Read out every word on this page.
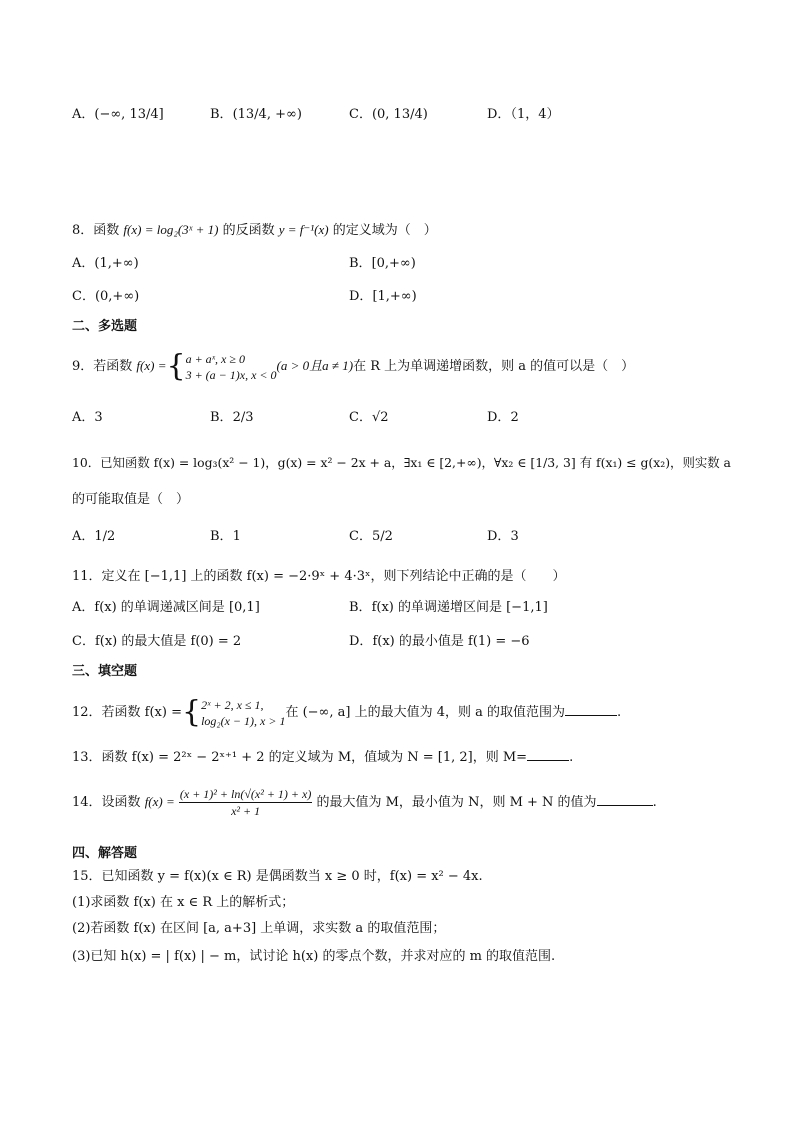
A．(−∞, 13/4]	B．(13/4, +∞)	C．(0, 13/4)	D．（1，4）
8．函数 f(x) = log₂(3ˣ + 1) 的反函数 y = f⁻¹(x) 的定义域为（　）
A．(1,+∞)	B．[0,+∞)
C．(0,+∞)	D．[1,+∞)
二、多选题
9．若函数 f(x) ={ a + aˣ, x ≥ 0
3 + (a − 1)x, x < 0
(a > 0且a ≠ 1)在 R 上为单调递增函数，则 a 的值可以是（　）
A．3	B．2/3	C．√2	D．2
10．已知函数 f(x) = log₃(x² − 1)，g(x) = x² − 2x + a，∃x₁ ∈ [2,+∞)，∀x₂ ∈ [1/3, 3] 有 f(x₁) ≤ g(x₂)，则实数 a
的可能取值是（　）
A．1/2	B．1	C．5/2	D．3
11．定义在 [−1,1] 上的函数 f(x) = −2·9ˣ + 4·3ˣ，则下列结论中正确的是（　　）
A．f(x) 的单调递减区间是 [0,1]	B．f(x) 的单调递增区间是 [−1,1]
C．f(x) 的最大值是 f(0) = 2	D．f(x) 的最小值是 f(1) = −6
三、填空题
12．若函数 f(x) ={ 2ˣ + 2, x ≤ 1,
log₂(x − 1), x > 1
在 (−∞, a] 上的最大值为 4，则 a 的取值范围为	.
13．函数 f(x) = 2²ˣ − 2ˣ⁺¹ + 2 的定义域为 M，值域为 N = [1, 2]，则 M=	.
14．设函数 $f(x) = \frac{\text{(x + 1)² + ln(√(x² + 1) + x)}}{\text{x² + 1}}$ 的最大值为 M，最小值为 N，则 M + N 的值为	.
四、解答题
15．已知函数 y = f(x)(x ∈ R) 是偶函数当 x ≥ 0 时，f(x) = x² − 4x.
(1)求函数 f(x) 在 x ∈ R 上的解析式；
(2)若函数 f(x) 在区间 [a, a+3] 上单调，求实数 a 的取值范围；
(3)已知 h(x) = | f(x) | − m，试讨论 h(x) 的零点个数，并求对应的 m 的取值范围.
